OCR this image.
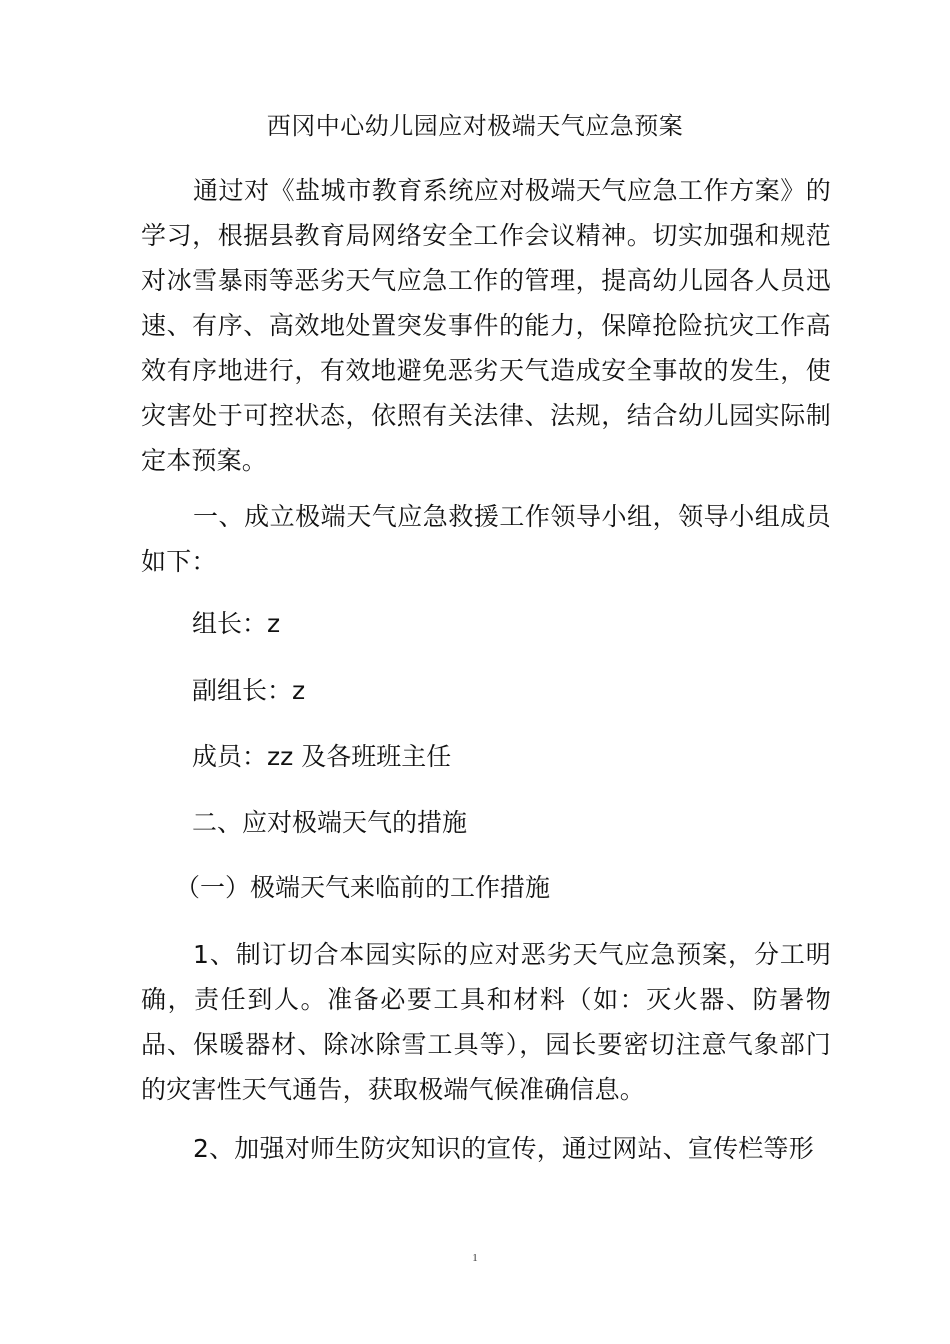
西冈中心幼儿园应对极端天气应急预案

通过对《盐城市教育系统应对极端天气应急工作方案》的学习，根据县教育局网络安全工作会议精神。切实加强和规范对冰雪暴雨等恶劣天气应急工作的管理，提高幼儿园各人员迅速、有序、高效地处置突发事件的能力，保障抢险抗灾工作高效有序地进行，有效地避免恶劣天气造成安全事故的发生，使灾害处于可控状态，依照有关法律、法规，结合幼儿园实际制定本预案。

一、成立极端天气应急救援工作领导小组，领导小组成员如下：

组长：z

副组长：z

成员：zz 及各班班主任

二、应对极端天气的措施

（一）极端天气来临前的工作措施

1、制订切合本园实际的应对恶劣天气应急预案，分工明确，责任到人。准备必要工具和材料（如：灭火器、防暑物品、保暖器材、除冰除雪工具等），园长要密切注意气象部门的灾害性天气通告，获取极端气候准确信息。

2、加强对师生防灾知识的宣传，通过网站、宣传栏等形

1
